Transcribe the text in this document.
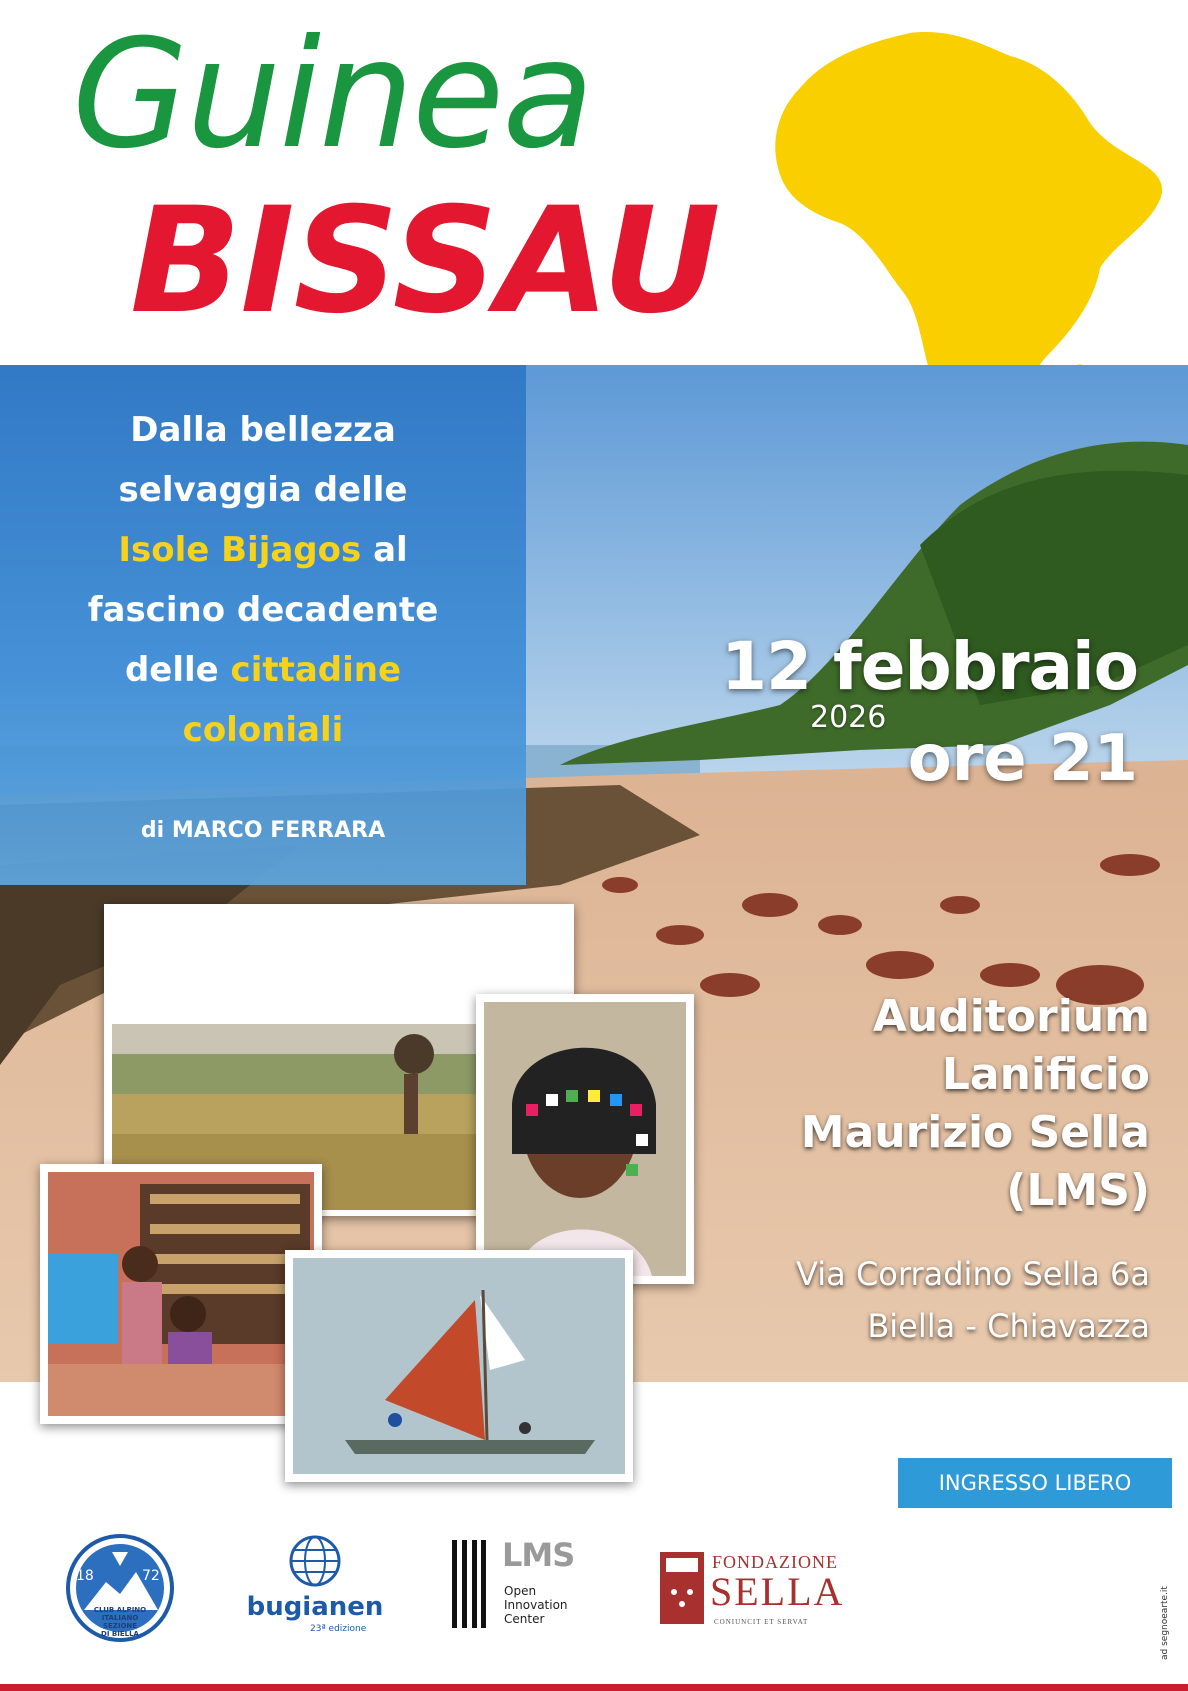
Guinea
BISSAU
Dalla bellezza
selvaggia delle
Isole Bijagos al
fascino decadente
delle cittadine
coloniali
di MARCO FERRARA
12 febbraio
2026
ore 21
Auditorium
Lanificio
Maurizio Sella
(LMS)
Via Corradino Sella 6a
Biella - Chiavazza
INGRESSO LIBERO
18	72
CLUB ALPINO
ITALIANO
SEZIONE
DI BIELLA
bugianen
23ª edizione
LMS
Open
Innovation
Center
FONDAZIONE
SELLA
CONIUNCIT ET SERVAT	ad segnoearte.it
